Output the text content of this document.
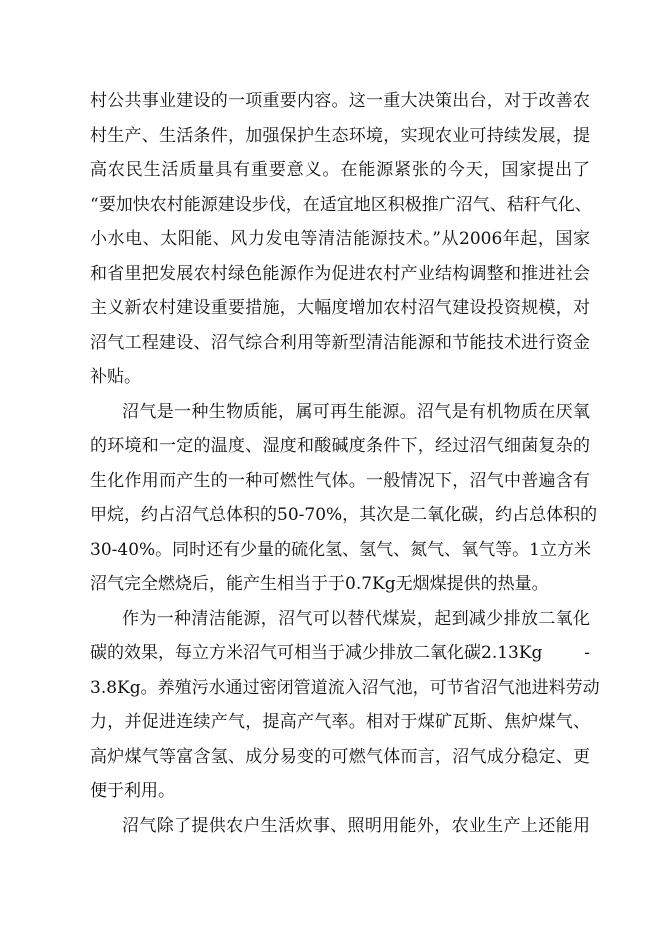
村公共事业建设的一项重要内容。这一重大决策出台，对于改善农
村生产、生活条件，加强保护生态环境，实现农业可持续发展，提
高农民生活质量具有重要意义。在能源紧张的今天，国家提出了
“要加快农村能源建设步伐，在适宜地区积极推广沼气、秸秆气化、
小水电、太阳能、风力发电等清洁能源技术。”从2006年起，国家
和省里把发展农村绿色能源作为促进农村产业结构调整和推进社会
主义新农村建设重要措施，大幅度增加农村沼气建设投资规模，对
沼气工程建设、沼气综合利用等新型清洁能源和节能技术进行资金
补贴。
沼气是一种生物质能，属可再生能源。沼气是有机物质在厌氧
的环境和一定的温度、湿度和酸碱度条件下，经过沼气细菌复杂的
生化作用而产生的一种可燃性气体。一般情况下，沼气中普遍含有
甲烷，约占沼气总体积的50-70%，其次是二氧化碳，约占总体积的
30-40%。同时还有少量的硫化氢、氢气、氮气、氧气等。1立方米
沼气完全燃烧后，能产生相当于于0.7Kg无烟煤提供的热量。
作为一种清洁能源，沼气可以替代煤炭，起到减少排放二氧化
碳的效果，每立方米沼气可相当于减少排放二氧化碳2.13Kg -
3.8Kg。养殖污水通过密闭管道流入沼气池，可节省沼气池进料劳动
力，并促进连续产气，提高产气率。相对于煤矿瓦斯、焦炉煤气、
高炉煤气等富含氢、成分易变的可燃气体而言，沼气成分稳定、更
便于利用。
沼气除了提供农户生活炊事、照明用能外，农业生产上还能用
